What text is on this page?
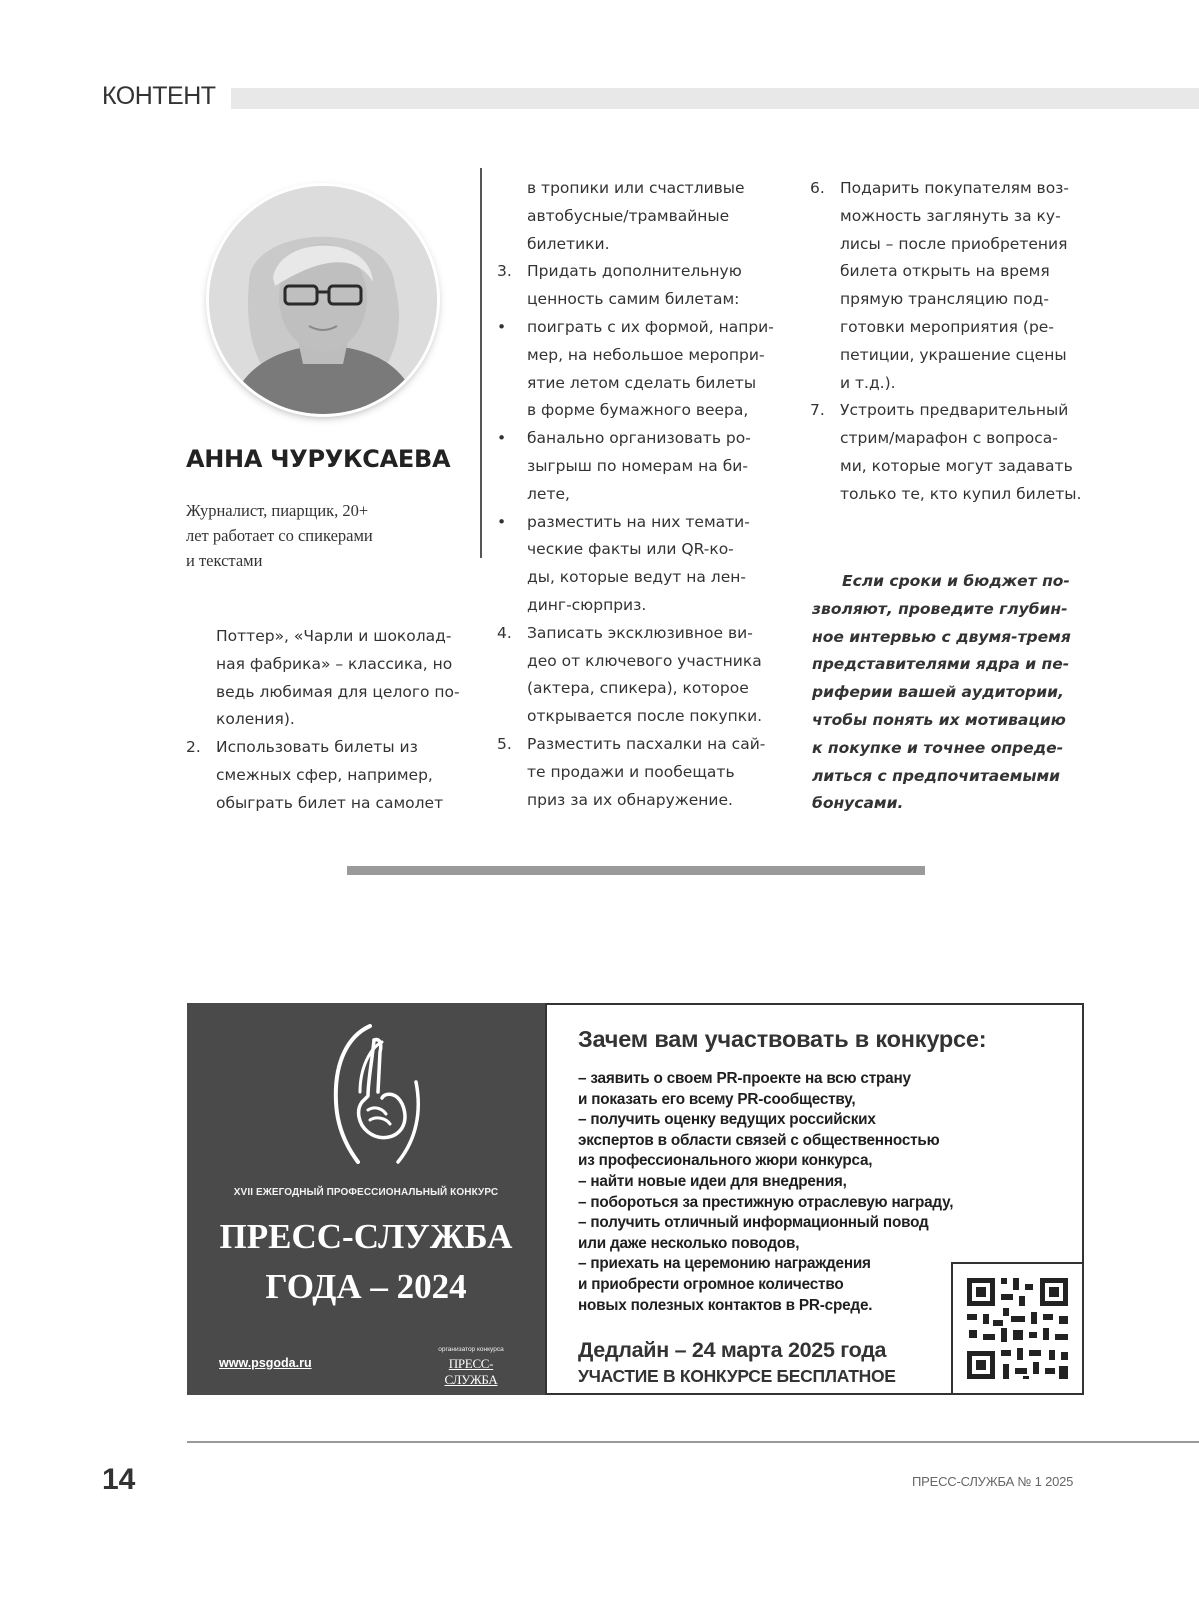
КОНТЕНТ
АННА ЧУРУКСАЕВА
Журналист, пиарщик, 20+
лет работает со спикерами
и текстами
Поттер», «Чарли и шоколад-
ная фабрика» – классика, но
ведь любимая для целого по-
коления).
2. Использовать билеты из
смежных сфер, например,
обыграть билет на самолет
в тропики или счастливые
автобусные/трамвайные
билетики.
3. Придать дополнительную
ценность самим билетам:
• поиграть с их формой, напри-
мер, на небольшое меропри-
ятие летом сделать билеты
в форме бумажного веера,
• банально организовать ро-
зыгрыш по номерам на би-
лете,
• разместить на них темати-
ческие факты или QR-ко-
ды, которые ведут на лен-
динг-сюрприз.
4. Записать эксклюзивное ви-
део от ключевого участника
(актера, спикера), которое
открывается после покупки.
5. Разместить пасхалки на сай-
те продажи и пообещать
приз за их обнаружение.
6. Подарить покупателям воз-
можность заглянуть за ку-
лисы – после приобретения
билета открыть на время
прямую трансляцию под-
готовки мероприятия (ре-
петиции, украшение сцены
и т.д.).
7. Устроить предварительный
стрим/марафон с вопроса-
ми, которые могут задавать
только те, кто купил билеты.
Если сроки и бюджет по-
зволяют, проведите глубин-
ное интервью с двумя-тремя
представителями ядра и пе-
риферии вашей аудитории,
чтобы понять их мотивацию
к покупке и точнее опреде-
литься с предпочитаемыми
бонусами.
XVII ЕЖЕГОДНЫЙ ПРОФЕССИОНАЛЬНЫЙ КОНКУРС
ПРЕСС-СЛУЖБА
ГОДА – 2024
www.psgoda.ru
организатор конкурса
ПРЕСС-СЛУЖБА
Зачем вам участвовать в конкурсе:
– заявить о своем PR-проекте на всю страну
и показать его всему PR-сообществу,
– получить оценку ведущих российских
экспертов в области связей с общественностью
из профессионального жюри конкурса,
– найти новые идеи для внедрения,
– побороться за престижную отраслевую награду,
– получить отличный информационный повод
или даже несколько поводов,
– приехать на церемонию награждения
и приобрести огромное количество
новых полезных контактов в PR-среде.
Дедлайн – 24 марта 2025 года
УЧАСТИЕ В КОНКУРСЕ БЕСПЛАТНОЕ
14	ПРЕСС-СЛУЖБА № 1 2025
